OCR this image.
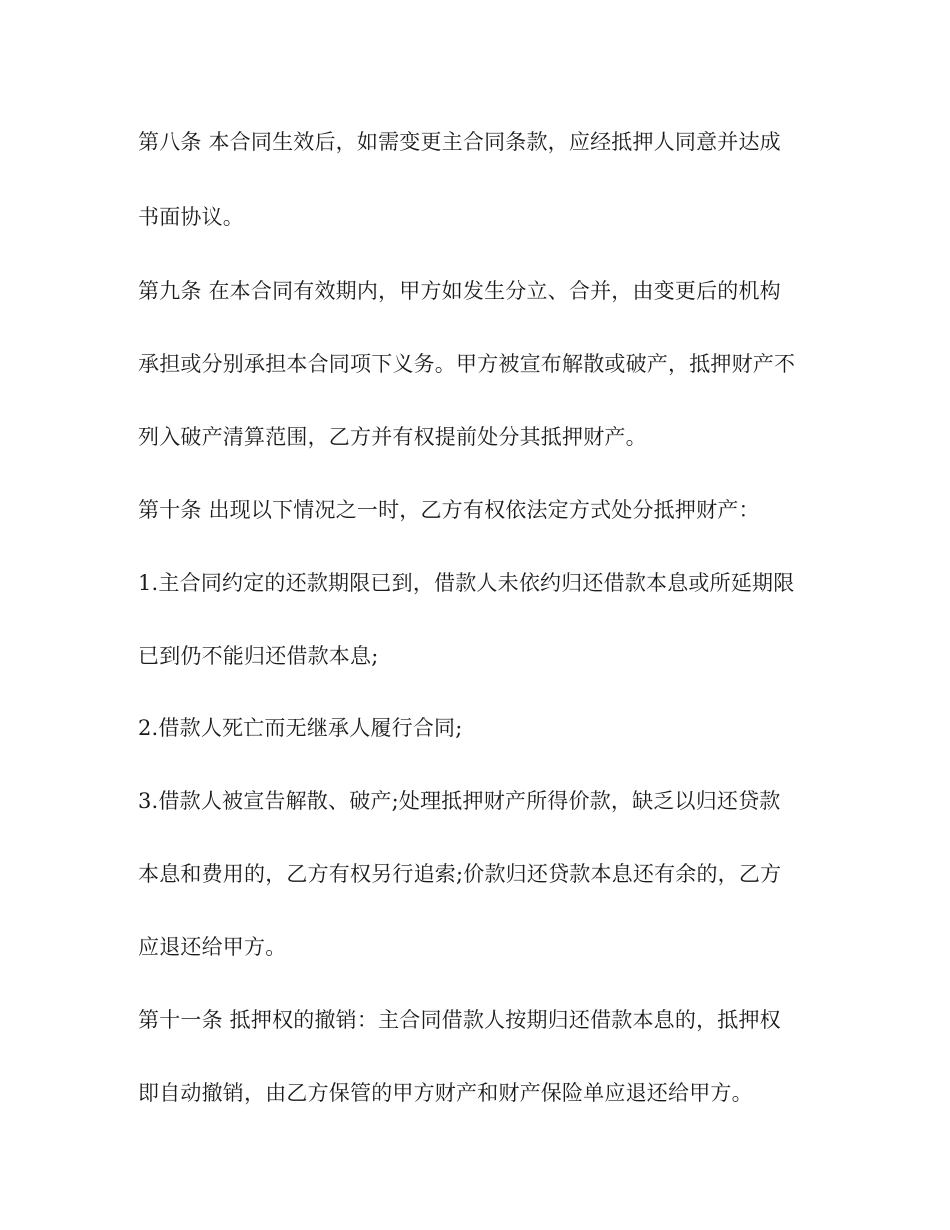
第八条 本合同生效后，如需变更主合同条款，应经抵押人同意并达成
书面协议。
第九条 在本合同有效期内，甲方如发生分立、合并，由变更后的机构
承担或分别承担本合同项下义务。甲方被宣布解散或破产，抵押财产不
列入破产清算范围，乙方并有权提前处分其抵押财产。
第十条 出现以下情况之一时，乙方有权依法定方式处分抵押财产：
1.主合同约定的还款期限已到，借款人未依约归还借款本息或所延期限
已到仍不能归还借款本息;
2.借款人死亡而无继承人履行合同;
3.借款人被宣告解散、破产;处理抵押财产所得价款，缺乏以归还贷款
本息和费用的，乙方有权另行追索;价款归还贷款本息还有余的，乙方
应退还给甲方。
第十一条 抵押权的撤销：主合同借款人按期归还借款本息的，抵押权
即自动撤销，由乙方保管的甲方财产和财产保险单应退还给甲方。
